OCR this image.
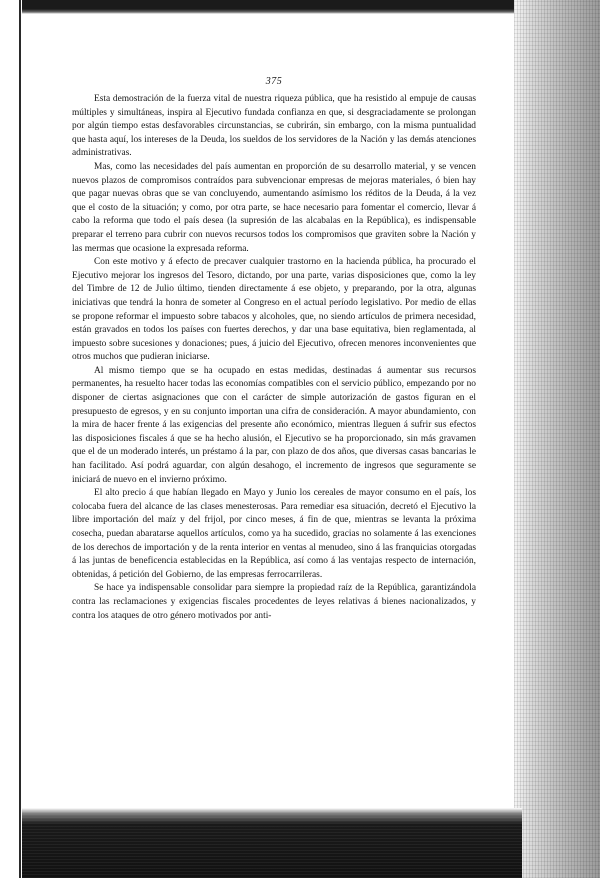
375

Esta demostración de la fuerza vital de nuestra riqueza pública, que ha resistido al empuje de causas múltiples y simultáneas, inspira al Ejecutivo fundada confianza en que, si desgraciadamente se prolongan por algún tiempo estas desfavorables circunstancias, se cubrirán, sin embargo, con la misma puntualidad que hasta aquí, los intereses de la Deuda, los sueldos de los servidores de la Nación y las demás atenciones administrativas.

Mas, como las necesidades del país aumentan en proporción de su desarrollo material, y se vencen nuevos plazos de compromisos contraídos para subvencionar empresas de mejoras materiales, ó bien hay que pagar nuevas obras que se van concluyendo, aumentando asímismo los réditos de la Deuda, á la vez que el costo de la situación; y como, por otra parte, se hace necesario para fomentar el comercio, llevar á cabo la reforma que todo el país desea (la supresión de las alcabalas en la República), es indispensable preparar el terreno para cubrir con nuevos recursos todos los compromisos que graviten sobre la Nación y las mermas que ocasione la expresada reforma.

Con este motivo y á efecto de precaver cualquier trastorno en la hacienda pública, ha procurado el Ejecutivo mejorar los ingresos del Tesoro, dictando, por una parte, varias disposiciones que, como la ley del Timbre de 12 de Julio último, tienden directamente á ese objeto, y preparando, por la otra, algunas iniciativas que tendrá la honra de someter al Congreso en el actual período legislativo. Por medio de ellas se propone reformar el impuesto sobre tabacos y alcoholes, que, no siendo artículos de primera necesidad, están gravados en todos los países con fuertes derechos, y dar una base equitativa, bien reglamentada, al impuesto sobre sucesiones y donaciones; pues, á juicio del Ejecutivo, ofrecen menores inconvenientes que otros muchos que pudieran iniciarse.

Al mismo tiempo que se ha ocupado en estas medidas, destinadas á aumentar sus recursos permanentes, ha resuelto hacer todas las economías compatibles con el servicio público, empezando por no disponer de ciertas asignaciones que con el carácter de simple autorización de gastos figuran en el presupuesto de egresos, y en su conjunto importan una cifra de consideración. A mayor abundamiento, con la mira de hacer frente á las exigencias del presente año económico, mientras lleguen á sufrir sus efectos las disposiciones fiscales á que se ha hecho alusión, el Ejecutivo se ha proporcionado, sin más gravamen que el de un moderado interés, un préstamo á la par, con plazo de dos años, que diversas casas bancarias le han facilitado. Así podrá aguardar, con algún desahogo, el incremento de ingresos que seguramente se iniciará de nuevo en el invierno próximo.

El alto precio á que habían llegado en Mayo y Junio los cereales de mayor consumo en el país, los colocaba fuera del alcance de las clases menesterosas. Para remediar esa situación, decretó el Ejecutivo la libre importación del maíz y del frijol, por cinco meses, á fin de que, mientras se levanta la próxima cosecha, puedan abaratarse aquellos artículos, como ya ha sucedido, gracias no solamente á las exenciones de los derechos de importación y de la renta interior en ventas al menudeo, sino á las franquicias otorgadas á las juntas de beneficencia establecidas en la República, así como á las ventajas respecto de internación, obtenidas, á petición del Gobierno, de las empresas ferrocarrileras.

Se hace ya indispensable consolidar para siempre la propiedad raíz de la República, garantizándola contra las reclamaciones y exigencias fiscales procedentes de leyes relativas á bienes nacionalizados, y contra los ataques de otro género motivados por anti-
